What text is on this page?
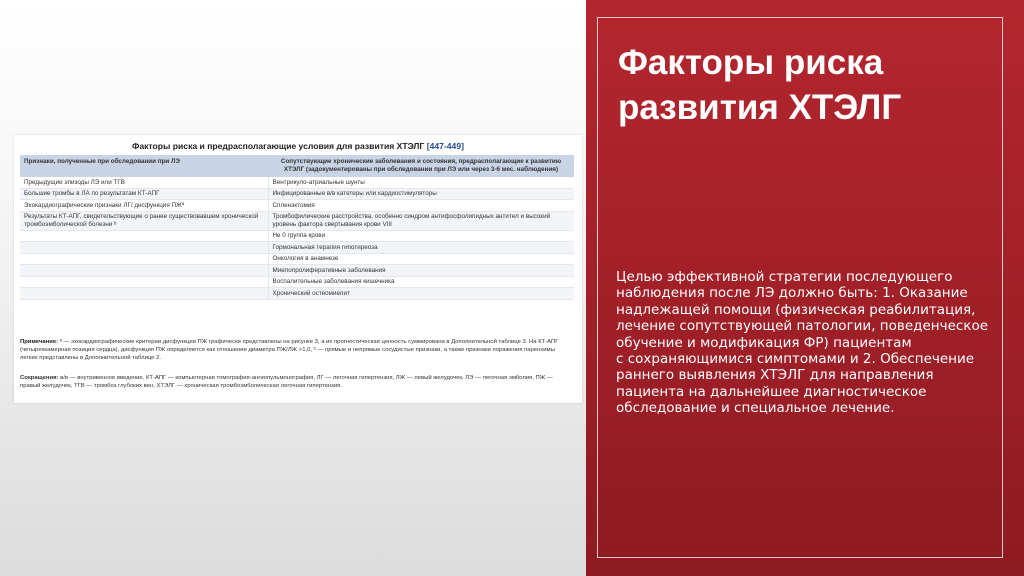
Факторы риска
развития ХТЭЛГ

Целью эффективной стратегии последующего
наблюдения после ЛЭ должно быть: 1. Оказание
надлежащей помощи (физическая реабилитация,
лечение сопутствующей патологии, поведенческое
обучение и модификация ФР) пациентам
с сохраняющимися симптомами и 2. Обеспечение
раннего выявления ХТЭЛГ для направления
пациента на дальнейшее диагностическое
обследование и специальное лечение.

Факторы риска и предрасполагающие условия для развития ХТЭЛГ [447-449]
Признаки, полученные при обследовании при ЛЭ	Сопутствующие хронические заболевания и состояния, предрасполагающие к развитию ХТЭЛГ (задокументированы при обследовании при ЛЭ или через 3-6 мес. наблюдения)
Предыдущие эпизоды ЛЭ или ТГВ	Вентрикуло-атриальные шунты
Большие тромбы в ЛА по результатам КТ-АПГ	Инфицированные в/в катетеры или кардиостимуляторы
Эхокардиографические признаки ЛГ/ дисфункция ПЖª	Спленэктомия
Результаты КТ-АПГ, свидетельствующие о ранее существовавшем хронической тромбоэмболической болезни ᵇ	Тромбофилические расстройства, особенно синдром антифосфолипидных антител и высокий уровень фактора свертывания крови VIII
	Не 0 группа крови
	Гормональная терапия гипотиреоза
	Онкология в анамнезе
	Миелопролиферативные заболевания
	Воспалительные заболевания кишечника
	Хронический остеомиелит
Примечание: ª — эхокардиографические критерии дисфункции ПЖ графически представлены на рисунке 3, а их прогностическая ценность суммирована в Дополнительной таблице 3. На КТ-АПГ (четырехкамерная позиция сердца), дисфункция ПЖ определяется как отношение диаметра ПЖ/ЛЖ >1,0, ᵇ — прямые и непрямые сосудистые признаки, а также признаки поражения паренхимы легких представлены в Дополнительной таблице 2.
Сокращения: в/в — внутривенное введение, КТ-АПГ — компьютерная томография-ангиопульмонография, ЛГ — легочная гипертензия, ЛЖ — левый желудочек, ЛЭ — легочная эмболия, ПЖ — правый желудочек, ТГВ — тромбоз глубоких вен, ХТЭЛГ — хроническая тромбоэмболическая легочная гипертензия.
